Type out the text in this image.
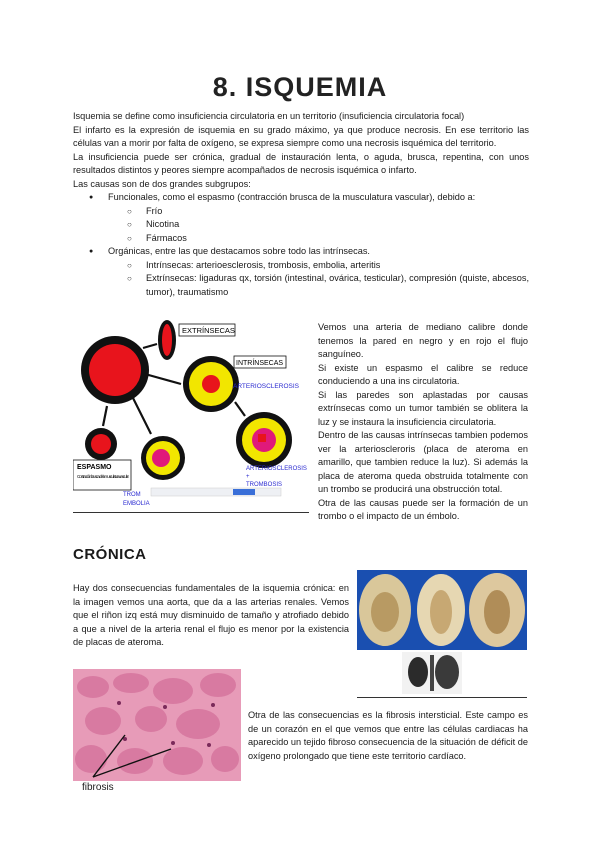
8. ISQUEMIA

Isquemia se define como insuficiencia circulatoria en un territorio (insuficiencia circulatoria focal)

El infarto es la expresión de isquemia en su grado máximo, ya que produce necrosis. En ese territorio las células van a morir por falta de oxígeno, se expresa siempre como una necrosis isquémica del territorio.

La insuficiencia puede ser crónica, gradual de instauración lenta, o aguda, brusca, repentina, con unos resultados distintos y peores siempre acompañados de necrosis isquémica o infarto.

Las causas son de dos grandes subgrupos:

● Funcionales, como el espasmo (contracción brusca de la musculatura vascular), debido a:
○ Frío
○ Nicotina
○ Fármacos
● Orgánicas, entre las que destacamos sobre todo las intrínsecas.
○ Intrínsecas: arterioesclerosis, trombosis, embolia, arteritis
○ Extrínsecas: ligaduras qx, torsión (intestinal, ovárica, testicular), compresión (quiste, abcesos, tumor), traumatismo
EXTRÍNSECAS
INTRÍNSECAS
ARTERIOSCLEROSIS
ESPASMO
Contracción brusca de la musculatura vascular
ARTERIOSCLEROSIS
+
TROMBOSIS
TROM
EMBOLIA
Vemos una arteria de mediano calibre donde tenemos la pared en negro y en rojo el flujo sanguíneo.
Si existe un espasmo el calibre se reduce conduciendo a una ins circulatoria.
Si las paredes son aplastadas por causas extrínsecas como un tumor también se oblitera la luz y se instaura la insuficiencia circulatoria.
Dentro de las causas intrínsecas tambien podemos ver la arterioscleroris (placa de ateroma en amarillo, que tambien reduce la luz). Si además la placa de ateroma queda obstruida totalmente con un trombo se producirá una obstrucción total.
Otra de las causas puede ser la formación de un trombo o el impacto de un émbolo.
CRÓNICA
Hay dos consecuencias fundamentales de la isquemia crónica: en la imagen vemos una aorta, que da a las arterias renales. Vemos que el riñon izq está muy disminuido de tamaño y atrofiado debido a que a nivel de la arteria renal el flujo es menor por la existencia de placas de ateroma.
fibrosis
Otra de las consecuencias es la fibrosis intersticial. Este campo es de un corazón en el que vemos que entre las células cardiacas ha aparecido un tejido fibroso consecuencia de la situación de déficit de oxígeno prolongado que tiene este territorio cardíaco.
